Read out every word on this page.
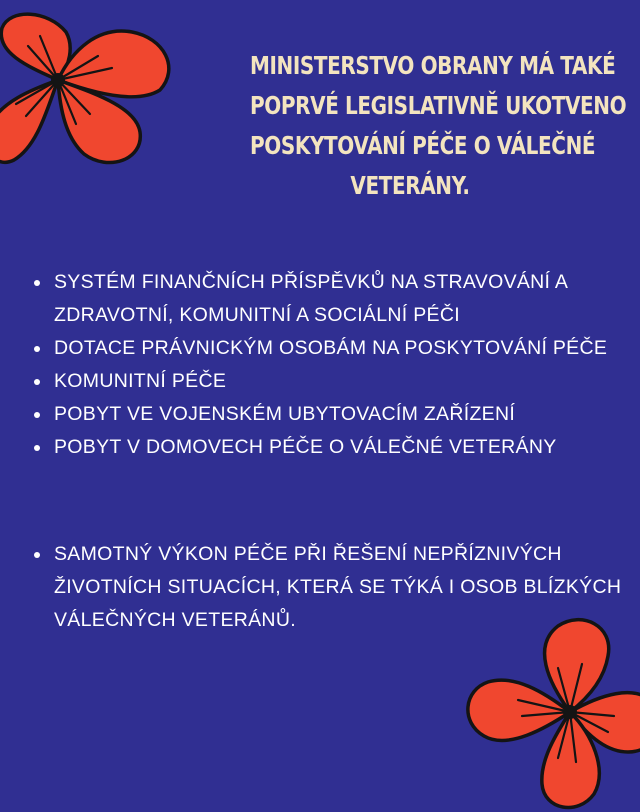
MINISTERSTVO OBRANY MÁ TAKÉ
POPRVÉ LEGISLATIVNĚ UKOTVENO
POSKYTOVÁNÍ PÉČE O VÁLEČNÉ
VETERÁNY.
SYSTÉM FINANČNÍCH PŘÍSPĚVKŮ NA STRAVOVÁNÍ A ZDRAVOTNÍ, KOMUNITNÍ A SOCIÁLNÍ PÉČI
DOTACE PRÁVNICKÝM OSOBÁM NA POSKYTOVÁNÍ PÉČE
KOMUNITNÍ PÉČE
POBYT VE VOJENSKÉM UBYTOVACÍM ZAŘÍZENÍ
POBYT V DOMOVECH PÉČE O VÁLEČNÉ VETERÁNY
SAMOTNÝ VÝKON PÉČE PŘI ŘEŠENÍ NEPŘÍZNIVÝCH ŽIVOTNÍCH SITUACÍCH, KTERÁ SE TÝKÁ I OSOB BLÍZKÝCH VÁLEČNÝCH VETERÁNŮ.
